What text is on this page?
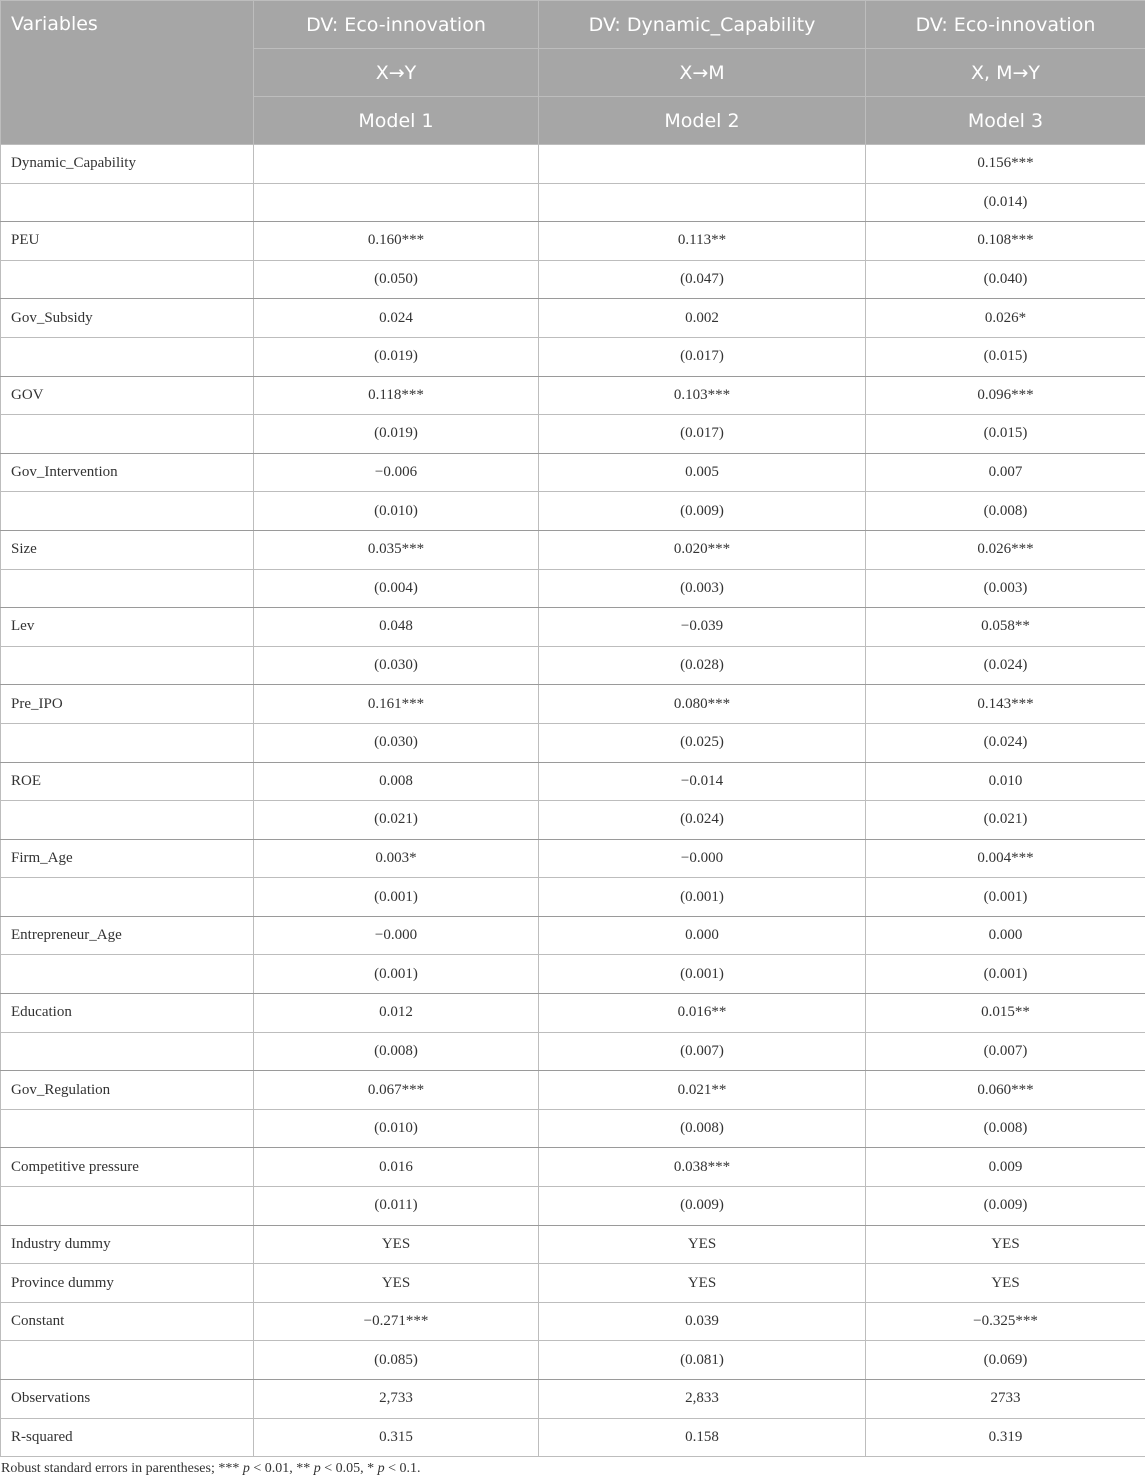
Variables	DV: Eco-innovation	DV: Dynamic_Capability	DV: Eco-innovation
	X→Y	X→M	X, M→Y
	Model 1	Model 2	Model 3
Dynamic_Capability			0.156***
			(0.014)
PEU	0.160***	0.113**	0.108***
	(0.050)	(0.047)	(0.040)
Gov_Subsidy	0.024	0.002	0.026*
	(0.019)	(0.017)	(0.015)
GOV	0.118***	0.103***	0.096***
	(0.019)	(0.017)	(0.015)
Gov_Intervention	−0.006	0.005	0.007
	(0.010)	(0.009)	(0.008)
Size	0.035***	0.020***	0.026***
	(0.004)	(0.003)	(0.003)
Lev	0.048	−0.039	0.058**
	(0.030)	(0.028)	(0.024)
Pre_IPO	0.161***	0.080***	0.143***
	(0.030)	(0.025)	(0.024)
ROE	0.008	−0.014	0.010
	(0.021)	(0.024)	(0.021)
Firm_Age	0.003*	−0.000	0.004***
	(0.001)	(0.001)	(0.001)
Entrepreneur_Age	−0.000	0.000	0.000
	(0.001)	(0.001)	(0.001)
Education	0.012	0.016**	0.015**
	(0.008)	(0.007)	(0.007)
Gov_Regulation	0.067***	0.021**	0.060***
	(0.010)	(0.008)	(0.008)
Competitive pressure	0.016	0.038***	0.009
	(0.011)	(0.009)	(0.009)
Industry dummy	YES	YES	YES
Province dummy	YES	YES	YES
Constant	−0.271***	0.039	−0.325***
	(0.085)	(0.081)	(0.069)
Observations	2,733	2,833	2733
R-squared	0.315	0.158	0.319
Robust standard errors in parentheses; *** p < 0.01, ** p < 0.05, * p < 0.1.
